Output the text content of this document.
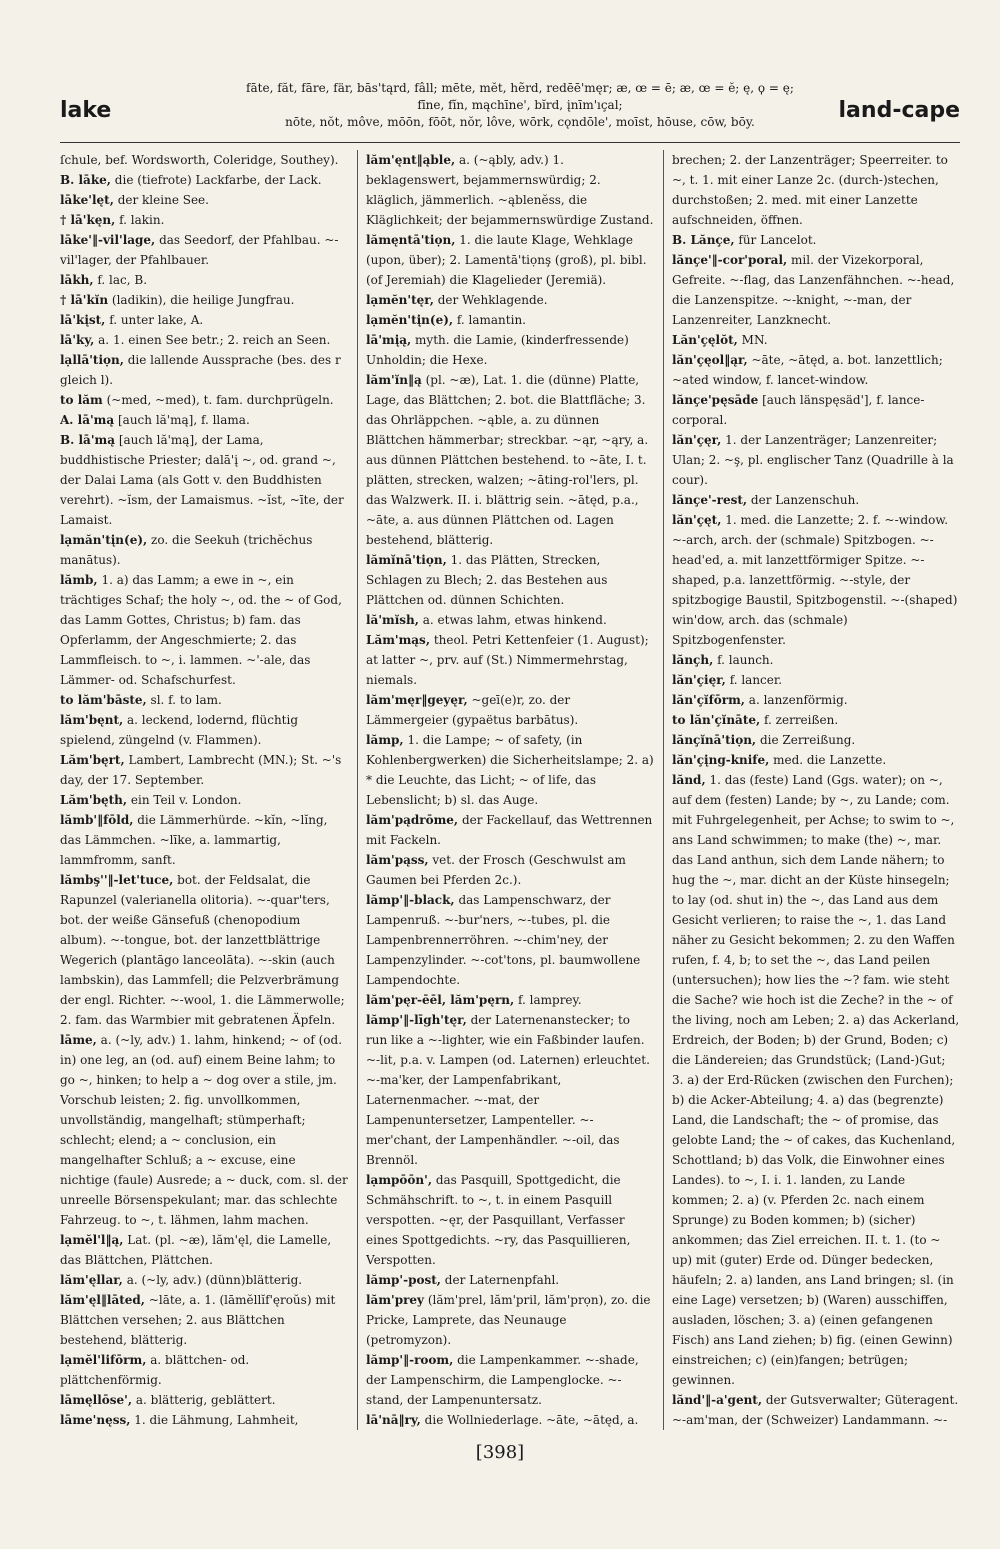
lake
fāte, făt, fāre, fär, bās'tąrd, fâll; mēte, mĕt, hẽrd, redēē'męr; æ, œ = ē; æ, œ = ĕ; ę, ϙ = ę;
fīne, fĭn, mąchīne', bĭrd, įnīm'ıçal;
nōte, nŏt, môve, mōōn, fōōt, nŏr, lôve, wōrk, cǫndōle', moīst, hōuse, cōw, bōy.	land-cape

ſchule, bef. Wordsworth, Coleridge, Southey).

B. lāke, die (tiefrote) Lackfarbe, der Lack.

lāke'lęt, der kleine See.

† lā'kęn, f. lakin.

lāke'‖-vil'lage, das Seedorf, der Pfahlbau. ~-vil'lager, der Pfahlbauer.

lākh, f. lac, B.

† lā'kĭn (ladikin), die heilige Jungfrau.

lā'kįst, f. unter lake, A.

lā'ky, a. 1. einen See betr.; 2. reich an Seen.

lạllā'tiọn, die lallende Aussprache (bes. des r gleich l).

to lăm (~med, ~med), t. fam. durchprügeln.

A. lā'mą [auch lă'mą], f. llama.

B. lā'mą [auch lă'mą], der Lama, buddhistische Priester; dalā'į ~, od. grand ~, der Dalai Lama (als Gott v. den Buddhisten verehrt). ~ĭsm, der Lamaismus. ~ĭst, ~īte, der Lamaist.

lạmăn'tįn(e), zo. die Seekuh (trichĕchus manātus).

lămb, 1. a) das Lamm; a ewe in ~, ein trächtiges Schaf; the holy ~, od. the ~ of God, das Lamm Gottes, Christus; b) fam. das Opferlamm, der Angeschmierte; 2. das Lammfleisch. to ~, i. lammen. ~'-ale, das Lämmer- od. Schafschurfest.

to lăm'bāste, sl. f. to lam.

lăm'bęnt, a. leckend, lodernd, flüchtig spielend, züngelnd (v. Flammen).

Lăm'bęrt, Lambert, Lambrecht (MN.); St. ~'s day, der 17. September.

Lăm'bęth, ein Teil v. London.

lămb'‖fōld, die Lämmerhürde. ~kĭn, ~lĭng, das Lämmchen. ~līke, a. lammartig, lammfromm, sanft.

lămbş''‖-let'tuce, bot. der Feldsalat, die Rapunzel (valerianella olitoria). ~-quar'ters, bot. der weiße Gänsefuß (chenopodium album). ~-tongue, bot. der lanzettblättrige Wegerich (plantāgo lanceolāta). ~-skin (auch lambskin), das Lammfell; die Pelzverbrämung der engl. Richter. ~-wool, 1. die Lämmerwolle; 2. fam. das Warmbier mit gebratenen Äpfeln.

lāme, a. (~ly, adv.) 1. lahm, hinkend; ~ of (od. in) one leg, an (od. auf) einem Beine lahm; to go ~, hinken; to help a ~ dog over a stile, jm. Vorschub leisten; 2. fig. unvollkommen, unvollständig, mangelhaft; stümperhaft; schlecht; elend; a ~ conclusion, ein mangelhafter Schluß; a ~ excuse, eine nichtige (faule) Ausrede; a ~ duck, com. sl. der unreelle Börsenspekulant; mar. das schlechte Fahrzeug. to ~, t. lähmen, lahm machen.

lạmĕl'l‖ą, Lat. (pl. ~æ), lăm'ęl, die Lamelle, das Blättchen, Plättchen.

lăm'ęllar, a. (~ly, adv.) (dünn)blätterig.

lăm'ęl‖lāted, ~lāte, a. 1. (lāmĕllĭf'ęroŭs) mit Blättchen versehen; 2. aus Blättchen bestehend, blätterig.

lạmĕl'lifōrm, a. blättchen- od. plättchenförmig.

lāmęllōse', a. blätterig, geblättert.

lāme'nęss, 1. die Lähmung, Lahmheit,

lăm'ęnt‖ąble, a. (~ąbly, adv.) 1. beklagenswert, bejammernswürdig; 2. kläglich, jämmerlich. ~ąblenĕss, die Kläglichkeit; der bejammernswürdige Zustand.

lămęntā'tiọn, 1. die laute Klage, Wehklage (upon, über); 2. Lamentā'tiọnş (groß), pl. bibl. (of Jeremiah) die Klagelieder (Jeremiä).

lạmĕn'tęr, der Wehklagende.

lạmĕn'tįn(e), f. lamantin.

lā'mįą, myth. die Lamie, (kinderfressende) Unholdin; die Hexe.

lăm'ĭn‖ą (pl. ~æ), Lat. 1. die (dünne) Platte, Lage, das Blättchen; 2. bot. die Blattfläche; 3. das Ohrläppchen. ~ąble, a. zu dünnen Blättchen hämmerbar; streckbar. ~ąr, ~ąry, a. aus dünnen Plättchen bestehend. to ~āte, I. t. plätten, strecken, walzen; ~āting-rol'lers, pl. das Walzwerk. II. i. blättrig sein. ~ātęd, p.a., ~āte, a. aus dünnen Plättchen od. Lagen bestehend, blätterig.

lămĭnā'tiọn, 1. das Plätten, Strecken, Schlagen zu Blech; 2. das Bestehen aus Plättchen od. dünnen Schichten.

lă'mĭsh, a. etwas lahm, etwas hinkend.

Lăm'mąs, theol. Petri Kettenfeier (1. August); at latter ~, prv. auf (St.) Nimmermehrstag, niemals.

lăm'męr‖geyęr, ~geī(e)r, zo. der Lämmergeier (gypaëtus barbātus).

lămp, 1. die Lampe; ~ of safety, (in Kohlenbergwerken) die Sicherheitslampe; 2. a) * die Leuchte, das Licht; ~ of life, das Lebenslicht; b) sl. das Auge.

lăm'pądrōme, der Fackellauf, das Wettrennen mit Fackeln.

lăm'pąss, vet. der Frosch (Geschwulst am Gaumen bei Pferden 2c.).

lămp'‖-black, das Lampenschwarz, der Lampenruß. ~-bur'ners, ~-tubes, pl. die Lampenbrennerröhren. ~-chim'ney, der Lampenzylinder. ~-cot'tons, pl. baumwollene Lampendochte.

lăm'pęr-ēēl, lăm'pęrn, f. lamprey.

lămp'‖-līgh'tęr, der Laternenanstecker; to run like a ~-lighter, wie ein Faßbinder laufen. ~-lit, p.a. v. Lampen (od. Laternen) erleuchtet. ~-ma'ker, der Lampenfabrikant, Laternenmacher. ~-mat, der Lampenuntersetzer, Lampenteller. ~-mer'chant, der Lampenhändler. ~-oil, das Brennöl.

lạmpōōn', das Pasquill, Spottgedicht, die Schmähschrift. to ~, t. in einem Pasquill verspotten. ~ęr, der Pasquillant, Verfasser eines Spottgedichts. ~ry, das Pasquillieren, Verspotten.

lămp'-post, der Laternenpfahl.

lăm'prey (lăm'prel, lăm'pril, lăm'prọn), zo. die Pricke, Lamprete, das Neunauge (petromyzon).

lămp'‖-room, die Lampenkammer. ~-shade, der Lampenschirm, die Lampenglocke. ~-stand, der Lampenuntersatz.

lā'nā‖ry, die Wollniederlage. ~āte, ~ātęd, a.

brechen; 2. der Lanzenträger; Speerreiter. to ~, t. 1. mit einer Lanze 2c. (durch-)stechen, durchstoßen; 2. med. mit einer Lanzette aufschneiden, öffnen.

B. Lănçe, für Lancelot.

lănçe'‖-cor'poral, mil. der Vizekorporal, Gefreite. ~-flag, das Lanzenfähnchen. ~-head, die Lanzenspitze. ~-knight, ~-man, der Lanzenreiter, Lanzknecht.

Lăn'çęlŏt, MN.

lăn'çęol‖ąr, ~āte, ~ātęd, a. bot. lanzettlich; ~ated window, f. lancet-window.

lănçe'pęsāde [auch länspęsäd'], f. lance-corporal.

lăn'çęr, 1. der Lanzenträger; Lanzenreiter; Ulan; 2. ~ş, pl. englischer Tanz (Quadrille à la cour).

lănçe'-rest, der Lanzenschuh.

lăn'çęt, 1. med. die Lanzette; 2. f. ~-window. ~-arch, arch. der (schmale) Spitzbogen. ~-head'ed, a. mit lanzettförmiger Spitze. ~-shaped, p.a. lanzettförmig. ~-style, der spitzbogige Baustil, Spitzbogenstil. ~-(shaped) win'dow, arch. das (schmale) Spitzbogenfenster.

lănçh, f. launch.

lăn'çięr, f. lancer.

lăn'çĭfōrm, a. lanzenförmig.

to lăn'çĭnāte, f. zerreißen.

lănçĭnā'tiọn, die Zerreißung.

lăn'çįng-knife, med. die Lanzette.

lănd, 1. das (feste) Land (Ggs. water); on ~, auf dem (festen) Lande; by ~, zu Lande; com. mit Fuhrgelegenheit, per Achse; to swim to ~, ans Land schwimmen; to make (the) ~, mar. das Land anthun, sich dem Lande nähern; to hug the ~, mar. dicht an der Küste hinsegeln; to lay (od. shut in) the ~, das Land aus dem Gesicht verlieren; to raise the ~, 1. das Land näher zu Gesicht bekommen; 2. zu den Waffen rufen, f. 4, b; to set the ~, das Land peilen (untersuchen); how lies the ~? fam. wie steht die Sache? wie hoch ist die Zeche? in the ~ of the living, noch am Leben; 2. a) das Ackerland, Erdreich, der Boden; b) der Grund, Boden; c) die Ländereien; das Grundstück; (Land-)Gut; 3. a) der Erd-Rücken (zwischen den Furchen); b) die Acker-Abteilung; 4. a) das (begrenzte) Land, die Landschaft; the ~ of promise, das gelobte Land; the ~ of cakes, das Kuchenland, Schottland; b) das Volk, die Einwohner eines Landes). to ~, I. i. 1. landen, zu Lande kommen; 2. a) (v. Pferden 2c. nach einem Sprunge) zu Boden kommen; b) (sicher) ankommen; das Ziel erreichen. II. t. 1. (to ~ up) mit (guter) Erde od. Dünger bedecken, häufeln; 2. a) landen, ans Land bringen; sl. (in eine Lage) versetzen; b) (Waren) ausschiffen, ausladen, löschen; 3. a) (einen gefangenen Fisch) ans Land ziehen; b) fig. (einen Gewinn) einstreichen; c) (ein)fangen; betrügen; gewinnen.

lănd'‖-a'gent, der Gutsverwalter; Güteragent. ~-am'man, der (Schweizer) Landammann. ~-

[398]
